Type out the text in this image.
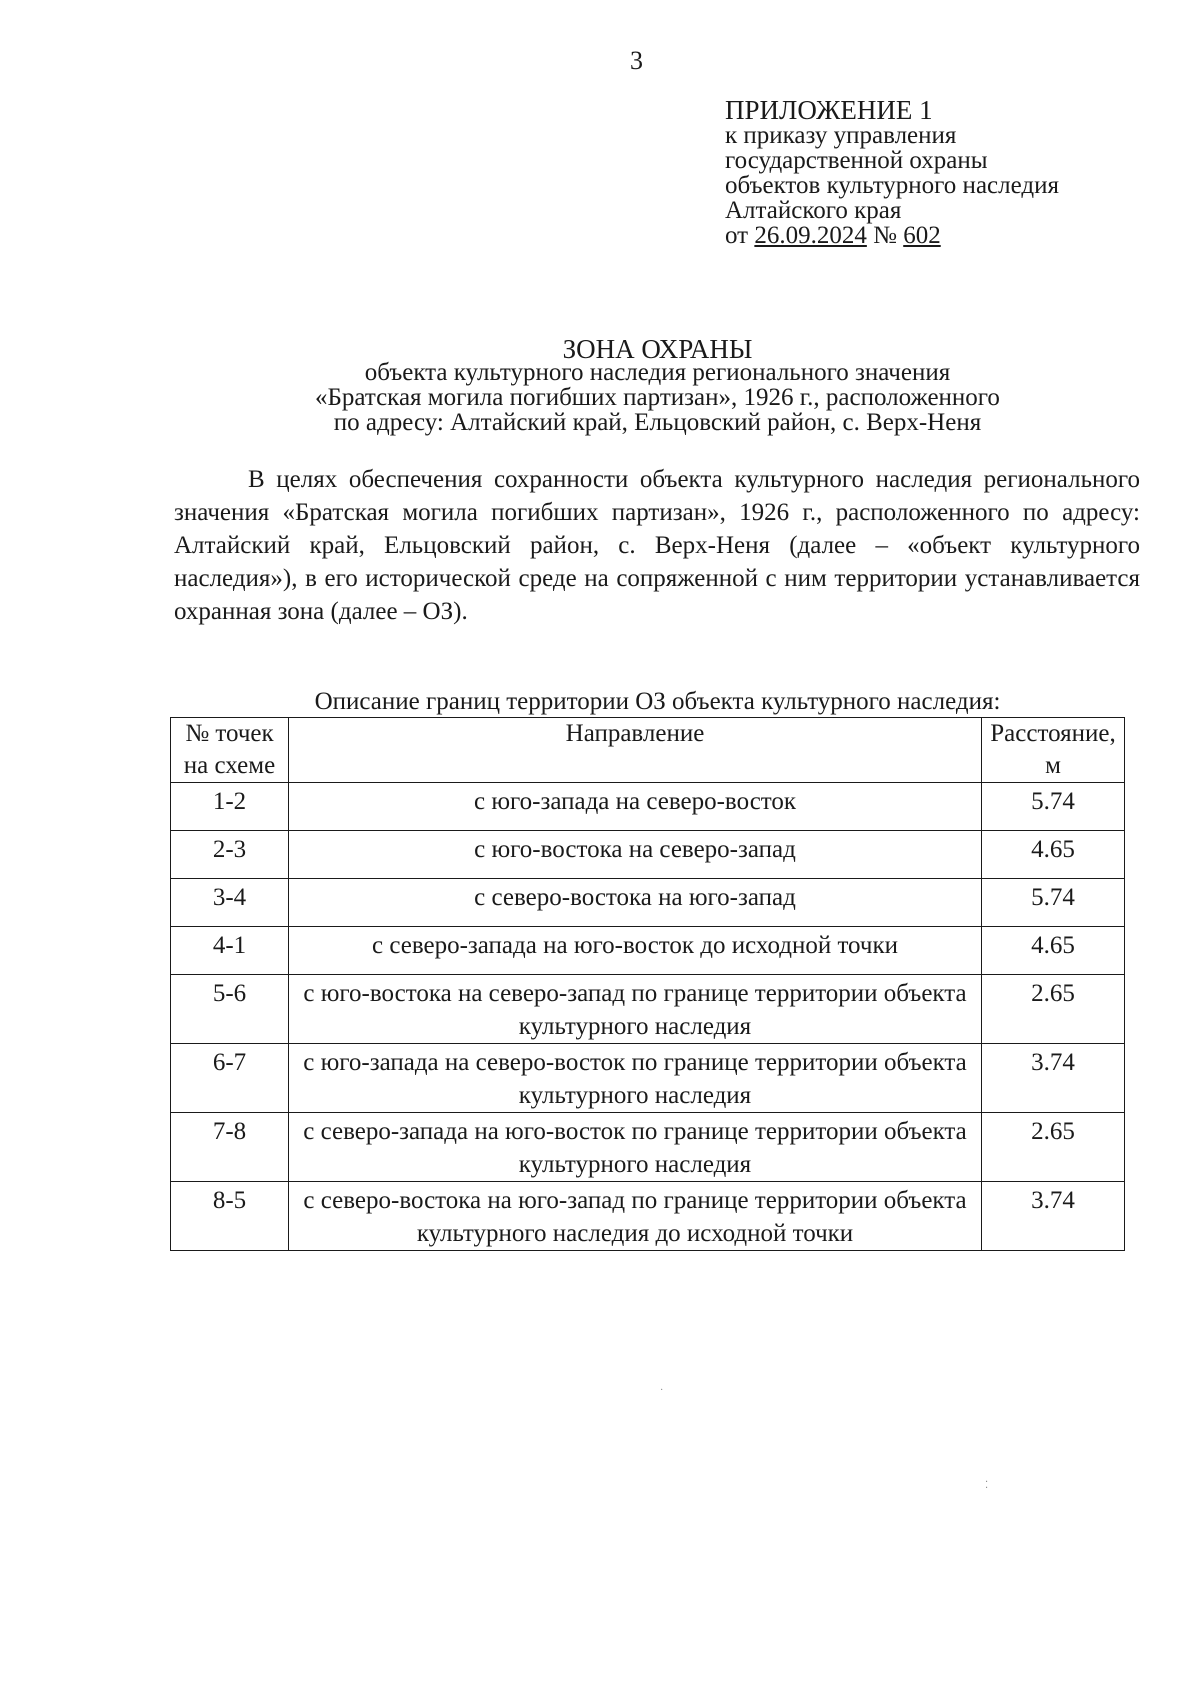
3
ПРИЛОЖЕНИЕ 1
к приказу управления
государственной охраны
объектов культурного наследия
Алтайского края
от 26.09.2024 № 602
ЗОНА ОХРАНЫ
объекта культурного наследия регионального значения
«Братская могила погибших партизан», 1926 г., расположенного
по адресу: Алтайский край, Ельцовский район, с. Верх-Неня
В целях обеспечения сохранности объекта культурного наследия регионального значения «Братская могила погибших партизан», 1926 г., расположенного по адресу: Алтайский край, Ельцовский район, с. Верх-Неня (далее – «объект культурного наследия»), в его исторической среде на сопряженной с ним территории устанавливается охранная зона (далее – ОЗ).
Описание границ территории ОЗ объекта культурного наследия:
№ точек на схеме	Направление	Расстояние, м
1-2	с юго-запада на северо-восток	5.74
2-3	с юго-востока на северо-запад	4.65
3-4	с северо-востока на юго-запад	5.74
4-1	с северо-запада на юго-восток до исходной точки	4.65
5-6	с юго-востока на северо-запад по границе территории объекта культурного наследия	2.65
6-7	с юго-запада на северо-восток по границе территории объекта культурного наследия	3.74
7-8	с северо-запада на юго-восток по границе территории объекта культурного наследия	2.65
8-5	с северо-востока на юго-запад по границе территории объекта культурного наследия до исходной точки	3.74
·
⁚
